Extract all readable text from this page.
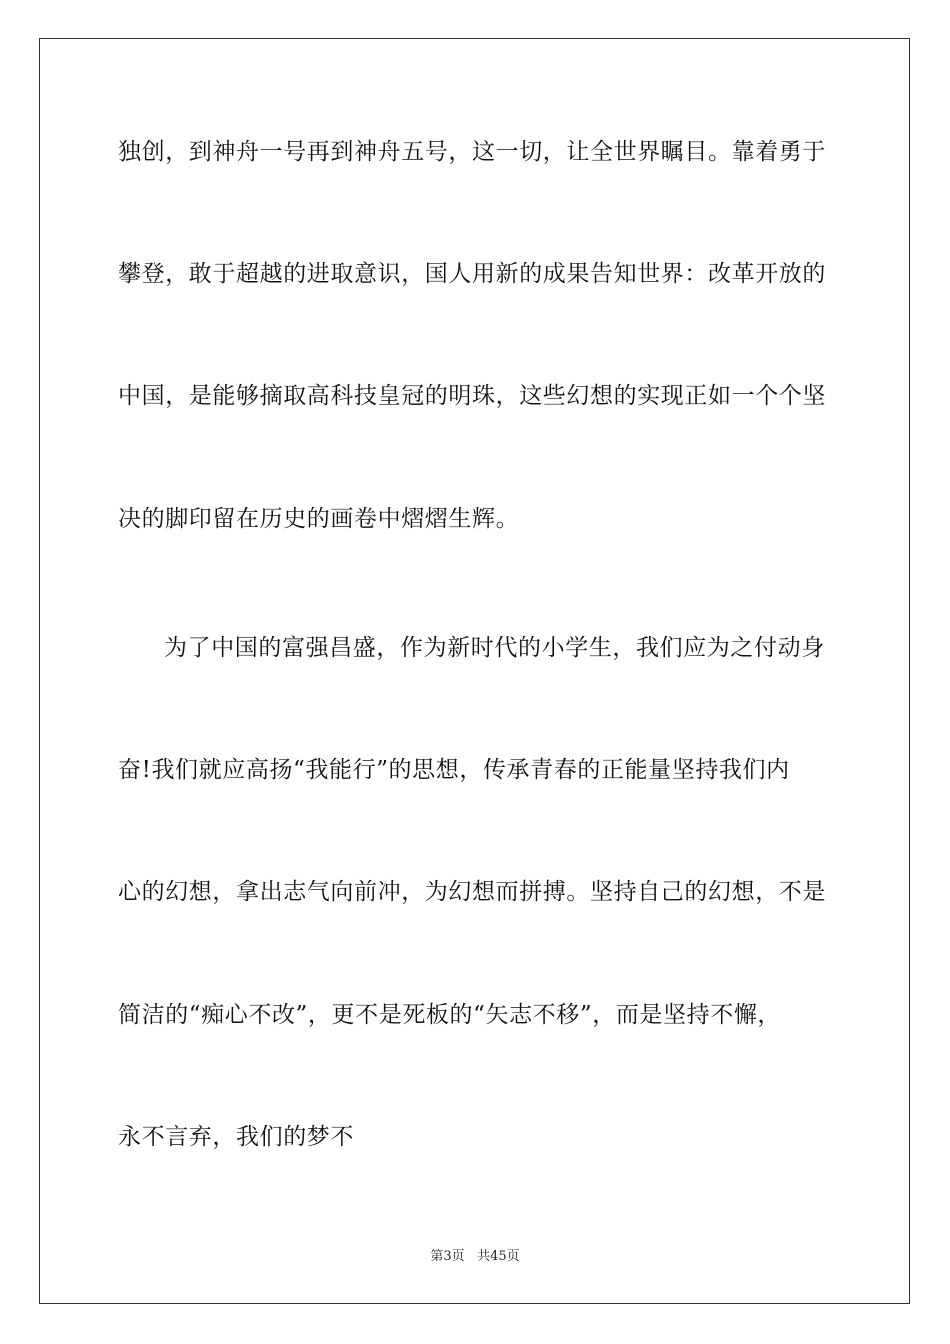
独创，到神舟一号再到神舟五号，这一切，让全世界瞩目。靠着勇于
攀登，敢于超越的进取意识，国人用新的成果告知世界：改革开放的
中国，是能够摘取高科技皇冠的明珠，这些幻想的实现正如一个个坚
决的脚印留在历史的画卷中熠熠生辉。
为了中国的富强昌盛，作为新时代的小学生，我们应为之付动身
奋!我们就应高扬“我能行”的思想，传承青春的正能量坚持我们内
心的幻想，拿出志气向前冲，为幻想而拼搏。坚持自己的幻想，不是
简洁的“痴心不改”，更不是死板的“矢志不移”，而是坚持不懈，
永不言弃，我们的梦不
第3页 共45页
